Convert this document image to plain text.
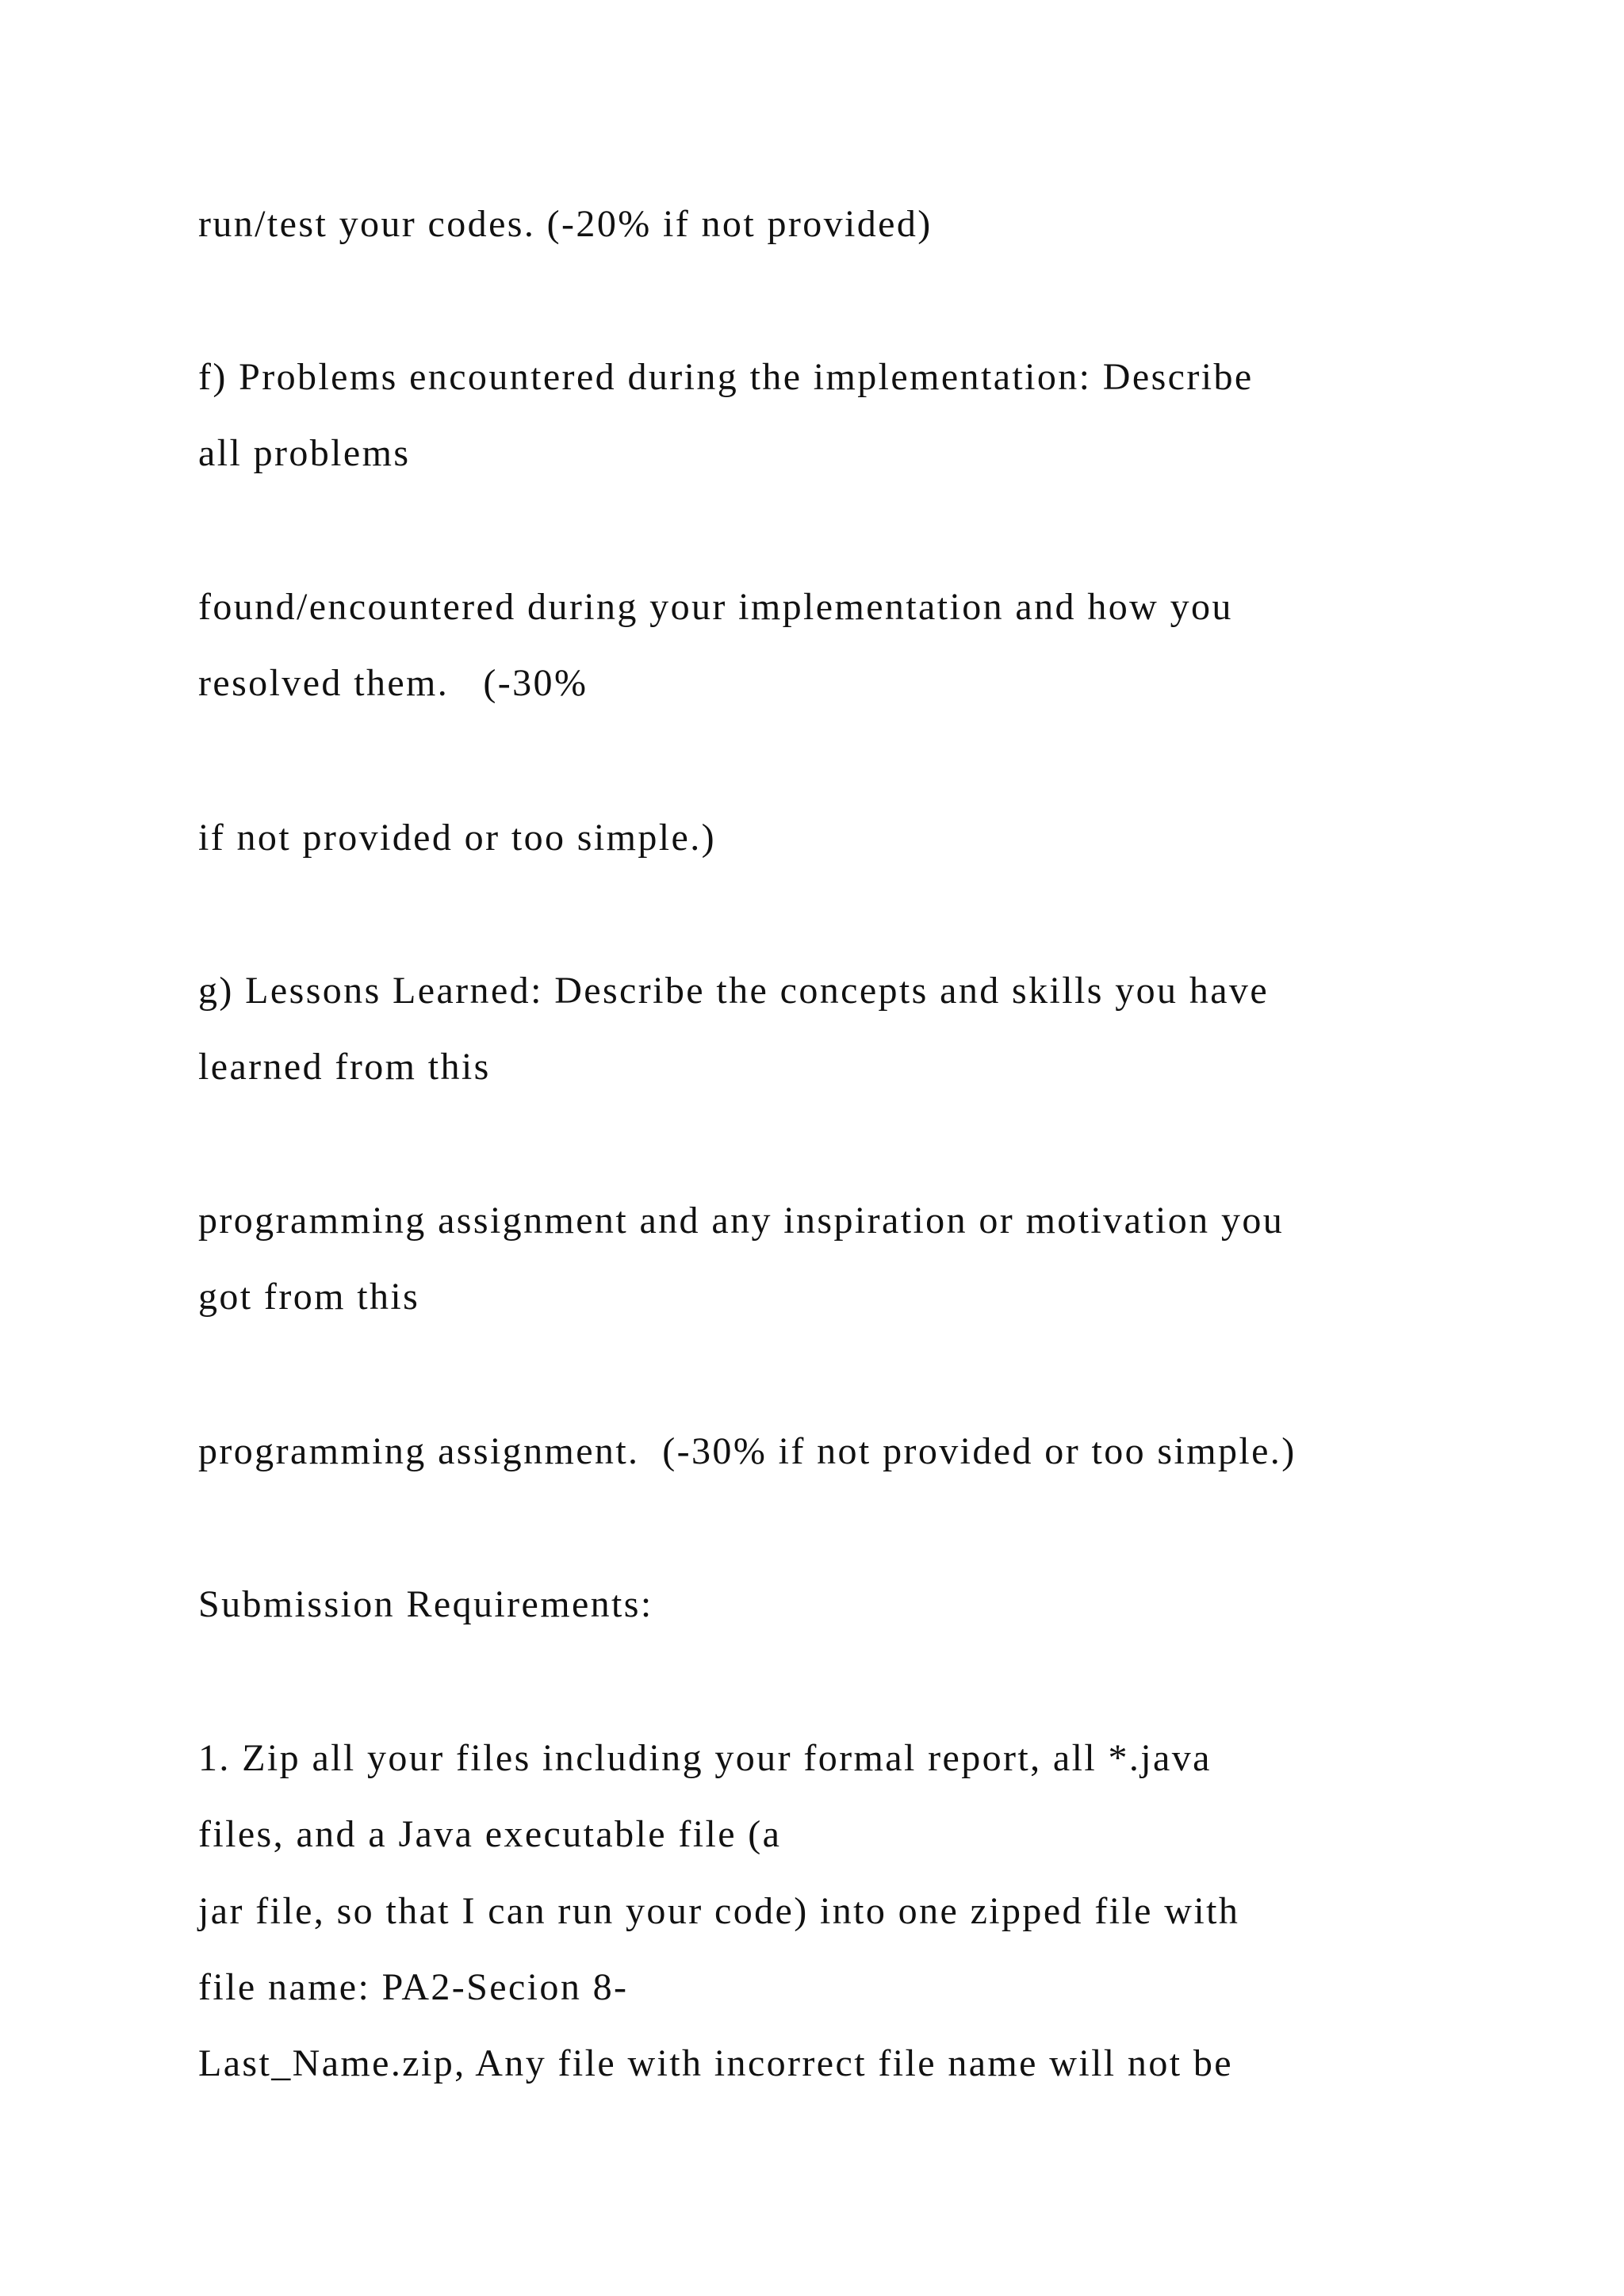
run/test your codes. (-20% if not provided)

f) Problems encountered during the implementation: Describe

all problems

found/encountered during your implementation and how you

resolved them.   (-30%

if not provided or too simple.)

g) Lessons Learned: Describe the concepts and skills you have

learned from this

programming assignment and any inspiration or motivation you

got from this

programming assignment.  (-30% if not provided or too simple.)

Submission Requirements:

1. Zip all your files including your formal report, all *.java

files, and a Java executable file (a

jar file, so that I can run your code) into one zipped file with

file name: PA2-Secion 8-

Last_Name.zip, Any file with incorrect file name will not be
